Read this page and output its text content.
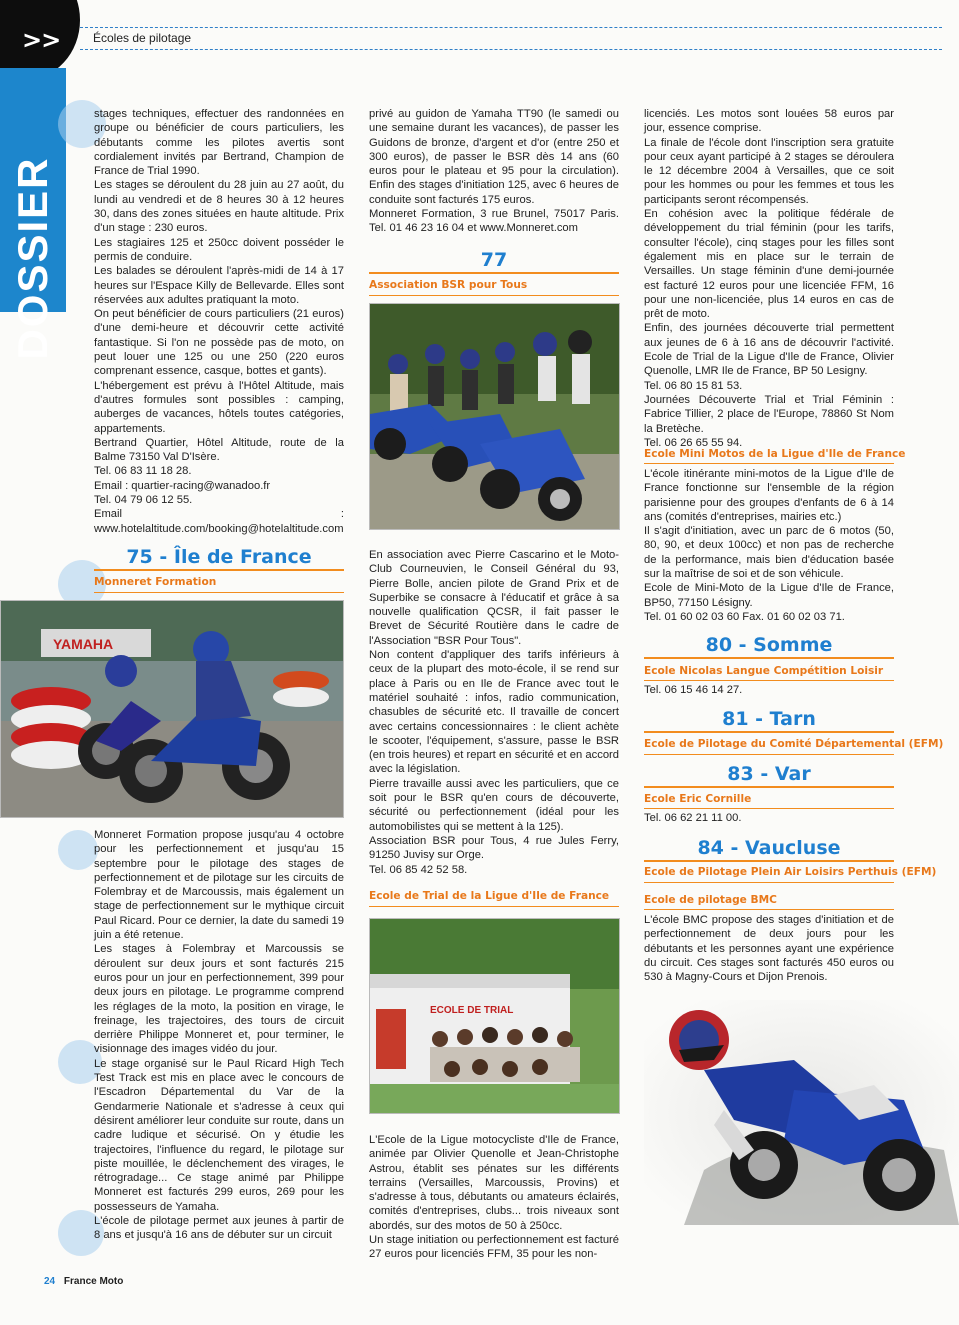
>>	Écoles de pilotage
DOSSIER

stages techniques, effectuer des randonnées en groupe ou bénéficier de cours particuliers, les débutants comme les pilotes avertis sont cordialement invités par Bertrand, Champion de France de Trial 1990.

Les stages se déroulent du 28 juin au 27 août, du lundi au vendredi et de 8 heures 30 à 12 heures 30, dans des zones situées en haute altitude. Prix d'un stage : 230 euros.

Les stagiaires 125 et 250cc doivent posséder le permis de conduire.

Les balades se déroulent l'après-midi de 14 à 17 heures sur l'Espace Killy de Bellevarde. Elles sont réservées aux adultes pratiquant la moto.

On peut bénéficier de cours particuliers (21 euros) d'une demi-heure et découvrir cette activité fantastique. Si l'on ne possède pas de moto, on peut louer une 125 ou une 250 (220 euros comprenant essence, casque, bottes et gants).

L'hébergement est prévu à l'Hôtel Altitude, mais d'autres formules sont possibles : camping, auberges de vacances, hôtels toutes catégories, appartements.

Bertrand Quartier, Hôtel Altitude, route de la Balme 73150 Val D'Isère.

Tel. 06 83 11 18 28.

Email : quartier-racing@wanadoo.fr

Tel. 04 79 06 12 55.

Email : www.hotelaltitude.com/booking@hotelaltitude.com

75 - Île de France
Monneret Formation
YAMAHA

Monneret Formation propose jusqu'au 4 octobre pour les perfectionnement et jusqu'au 15 septembre pour le pilotage des stages de perfectionnement et de pilotage sur les circuits de Folembray et de Marcoussis, mais également un stage de perfectionnement sur le mythique circuit Paul Ricard. Pour ce dernier, la date du samedi 19 juin a été retenue.

Les stages à Folembray et Marcoussis se déroulent sur deux jours et sont facturés 215 euros pour un jour en perfectionnement, 399 pour deux jours en pilotage. Le programme comprend les réglages de la moto, la position en virage, le freinage, les trajectoires, des tours de circuit derrière Philippe Monneret et, pour terminer, le visionnage des images vidéo du jour.

Le stage organisé sur le Paul Ricard High Tech Test Track est mis en place avec le concours de l'Escadron Départemental du Var de la Gendarmerie Nationale et s'adresse à ceux qui désirent améliorer leur conduite sur route, dans un cadre ludique et sécurisé. On y étudie les trajectoires, l'influence du regard, le pilotage sur piste mouillée, le déclenchement des virages, le rétrogradage... Ce stage animé par Philippe Monneret est facturés 299 euros, 269 pour les possesseurs de Yamaha.

L'école de pilotage permet aux jeunes à partir de 8 ans et jusqu'à 16 ans de débuter sur un circuit

privé au guidon de Yamaha TT90 (le samedi ou une semaine durant les vacances), de passer les Guidons de bronze, d'argent et d'or (entre 250 et 300 euros), de passer le BSR dès 14 ans (60 euros pour le plateau et 95 pour la circulation). Enfin des stages d'initiation 125, avec 6 heures de conduite sont facturés 175 euros.

Monneret Formation, 3 rue Brunel, 75017 Paris. Tel. 01 46 23 16 04 et www.Monneret.com

77
Association BSR pour Tous

En association avec Pierre Cascarino et le Moto-Club Courneuvien, le Conseil Général du 93, Pierre Bolle, ancien pilote de Grand Prix et de Superbike se consacre à l'éducatif et grâce à sa nouvelle qualification QCSR, il fait passer le Brevet de Sécurité Routière dans le cadre de l'Association "BSR Pour Tous".

Non content d'appliquer des tarifs inférieurs à ceux de la plupart des moto-école, il se rend sur place à Paris ou en Ile de France avec tout le matériel souhaité : infos, radio communication, chasubles de sécurité etc. Il travaille de concert avec certains concessionnaires : le client achète le scooter, l'équipement, s'assure, passe le BSR (en trois heures) et repart en sécurité et en accord avec la législation.

Pierre travaille aussi avec les particuliers, que ce soit pour le BSR qu'en cours de découverte, sécurité ou perfectionnement (idéal pour les automobilistes qui se mettent à la 125).

Association BSR pour Tous, 4 rue Jules Ferry, 91250 Juvisy sur Orge.

Tel. 06 85 42 52 58.

Ecole de Trial de la Ligue d'Ile de France
ECOLE DE TRIAL

L'Ecole de la Ligue motocycliste d'Ile de France, animée par Olivier Quenolle et Jean-Christophe Astrou, établit ses pénates sur les différents terrains (Versailles, Marcoussis, Provins) et s'adresse à tous, débutants ou amateurs éclairés, comités d'entreprises, clubs... trois niveaux sont abordés, sur des motos de 50 à 250cc.

Un stage initiation ou perfectionnement est facturé 27 euros pour licenciés FFM, 35 pour les non-

licenciés. Les motos sont louées 58 euros par jour, essence comprise.

La finale de l'école dont l'inscription sera gratuite pour ceux ayant participé à 2 stages se déroulera le 12 décembre 2004 à Versailles, que ce soit pour les hommes ou pour les femmes et tous les participants seront récompensés.

En cohésion avec la politique fédérale de développement du trial féminin (pour les tarifs, consulter l'école), cinq stages pour les filles sont également mis en place sur le terrain de Versailles. Un stage féminin d'une demi-journée est facturé 12 euros pour une licenciée FFM, 16 pour une non-licenciée, plus 14 euros en cas de prêt de moto.

Enfin, des journées découverte trial permettent aux jeunes de 6 à 16 ans de découvrir l'activité. Ecole de Trial de la Ligue d'Ile de France, Olivier Quenolle, LMR Ile de France, BP 50 Lesigny.

Tel. 06 80 15 81 53.

Journées Découverte Trial et Trial Féminin : Fabrice Tillier, 2 place de l'Europe, 78860 St Nom la Bretèche.

Tel. 06 26 65 55 94.

Ecole Mini Motos de la Ligue d'Ile de France

L'école itinérante mini-motos de la Ligue d'Ile de France fonctionne sur l'ensemble de la région parisienne pour des groupes d'enfants de 6 à 14 ans (comités d'entreprises, mairies etc.)

Il s'agit d'initiation, avec un parc de 6 motos (50, 80, 90, et deux 100cc) et non pas de recherche de la performance, mais bien d'éducation basée sur la maîtrise de soi et de son véhicule.

Ecole de Mini-Moto de la Ligue d'Ile de France, BP50, 77150 Lésigny.

Tel. 01 60 02 03 60 Fax. 01 60 02 03 71.

80 - Somme
Ecole Nicolas Langue Compétition Loisir
Tel. 06 15 46 14 27.
81 - Tarn
Ecole de Pilotage du Comité Départemental (EFM)
83 - Var
Ecole Eric Cornille
Tel. 06 62 21 11 00.
84 - Vaucluse
Ecole de Pilotage Plein Air Loisirs Perthuis (EFM)
Ecole de pilotage BMC

L'école BMC propose des stages d'initiation et de perfectionnement de deux jours pour les débutants et les personnes ayant une expérience du circuit. Ces stages sont facturés 450 euros ou 530 à Magny-Cours et Dijon Prenois.

24 France Moto
